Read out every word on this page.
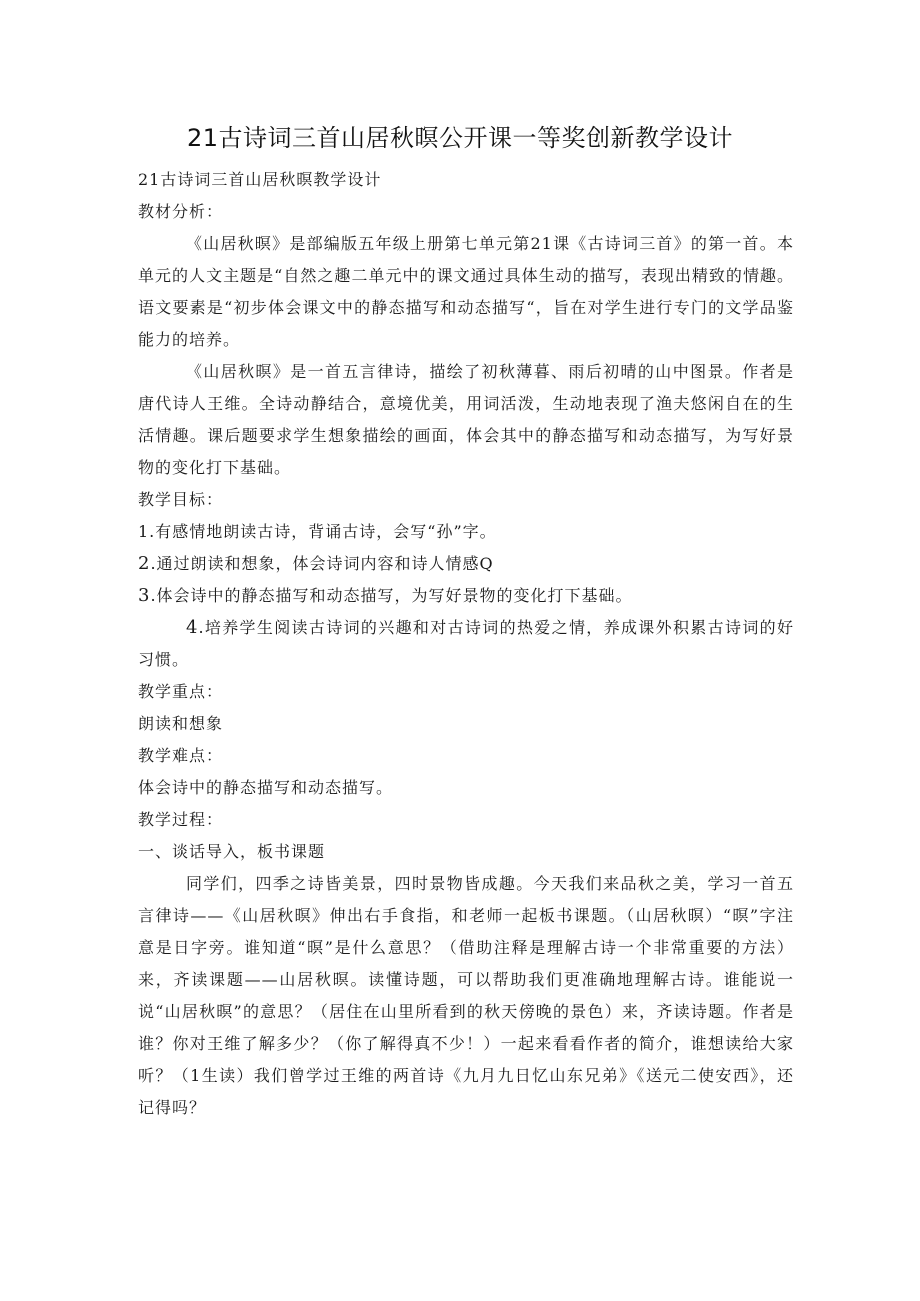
21古诗词三首山居秋暝公开课一等奖创新教学设计

21古诗词三首山居秋暝教学设计

教材分析：

《山居秋暝》是部编版五年级上册第七单元第21课《古诗词三首》的第一首。本单元的人文主题是“自然之趣二单元中的课文通过具体生动的描写，表现出精致的情趣。语文要素是“初步体会课文中的静态描写和动态描写“，旨在对学生进行专门的文学品鉴能力的培养。

《山居秋暝》是一首五言律诗，描绘了初秋薄暮、雨后初晴的山中图景。作者是唐代诗人王维。全诗动静结合，意境优美，用词活泼，生动地表现了渔夫悠闲自在的生活情趣。课后题要求学生想象描绘的画面，体会其中的静态描写和动态描写，为写好景物的变化打下基础。

教学目标：

1.有感情地朗读古诗，背诵古诗，会写“孙”字。

2.通过朗读和想象，体会诗词内容和诗人情感Q

3.体会诗中的静态描写和动态描写，为写好景物的变化打下基础。

4.培养学生阅读古诗词的兴趣和对古诗词的热爱之情，养成课外积累古诗词的好习惯。

教学重点：

朗读和想象

教学难点：

体会诗中的静态描写和动态描写。

教学过程：

一、谈话导入，板书课题

同学们，四季之诗皆美景，四时景物皆成趣。今天我们来品秋之美，学习一首五言律诗——《山居秋暝》伸出右手食指，和老师一起板书课题。（山居秋暝）“暝”字注意是日字旁。谁知道“暝”是什么意思？（借助注释是理解古诗一个非常重要的方法）来，齐读课题——山居秋暝。读懂诗题，可以帮助我们更准确地理解古诗。谁能说一说“山居秋暝”的意思？（居住在山里所看到的秋天傍晚的景色）来，齐读诗题。作者是谁？你对王维了解多少？（你了解得真不少！）一起来看看作者的简介，谁想读给大家听？（1生读）我们曾学过王维的两首诗《九月九日忆山东兄弟》《送元二使安西》，还记得吗？
